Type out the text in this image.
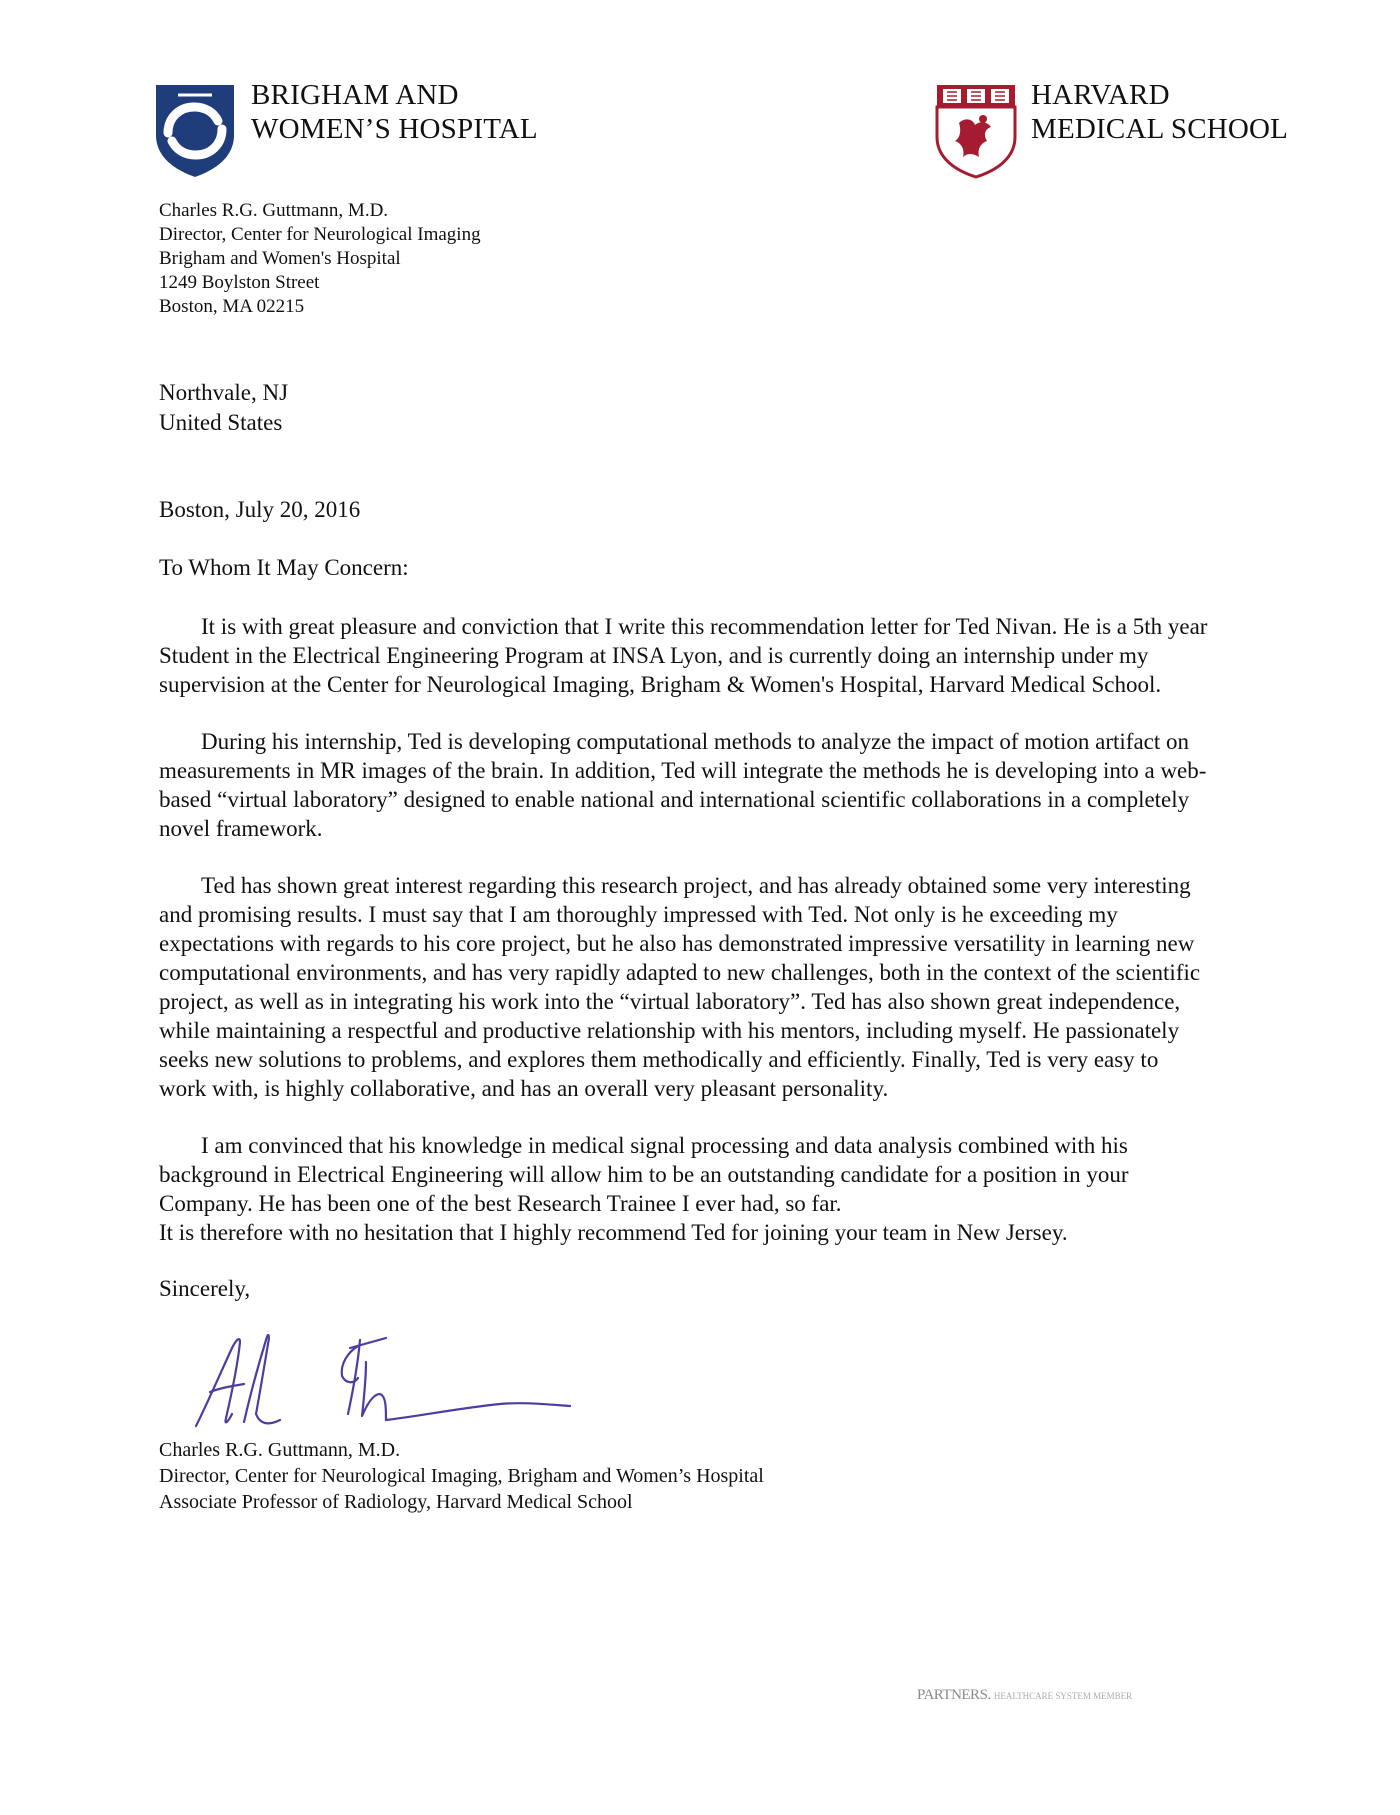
BRIGHAM AND
WOMEN’S HOSPITAL
HARVARD
MEDICAL SCHOOL
Charles R.G. Guttmann, M.D.
Director, Center for Neurological Imaging
Brigham and Women's Hospital
1249 Boylston Street
Boston, MA 02215
Northvale, NJ
United States
Boston, July 20, 2016
To Whom It May Concern:
It is with great pleasure and conviction that I write this recommendation letter for Ted Nivan. He is a 5th year
Student in the Electrical Engineering Program at INSA Lyon, and is currently doing an internship under my
supervision at the Center for Neurological Imaging, Brigham & Women's Hospital, Harvard Medical School.
During his internship, Ted is developing computational methods to analyze the impact of motion artifact on
measurements in MR images of the brain. In addition, Ted will integrate the methods he is developing into a web-
based “virtual laboratory” designed to enable national and international scientific collaborations in a completely
novel framework.
Ted has shown great interest regarding this research project, and has already obtained some very interesting
and promising results. I must say that I am thoroughly impressed with Ted. Not only is he exceeding my
expectations with regards to his core project, but he also has demonstrated impressive versatility in learning new
computational environments, and has very rapidly adapted to new challenges, both in the context of the scientific
project, as well as in integrating his work into the “virtual laboratory”. Ted has also shown great independence,
while maintaining a respectful and productive relationship with his mentors, including myself. He passionately
seeks new solutions to problems, and explores them methodically and efficiently. Finally, Ted is very easy to
work with, is highly collaborative, and has an overall very pleasant personality.
I am convinced that his knowledge in medical signal processing and data analysis combined with his
background in Electrical Engineering will allow him to be an outstanding candidate for a position in your
Company. He has been one of the best Research Trainee I ever had, so far.
It is therefore with no hesitation that I highly recommend Ted for joining your team in New Jersey.
Sincerely,
Charles R.G. Guttmann, M.D.
Director, Center for Neurological Imaging, Brigham and Women’s Hospital
Associate Professor of Radiology, Harvard Medical School
PARTNERS. HEALTHCARE SYSTEM MEMBER
